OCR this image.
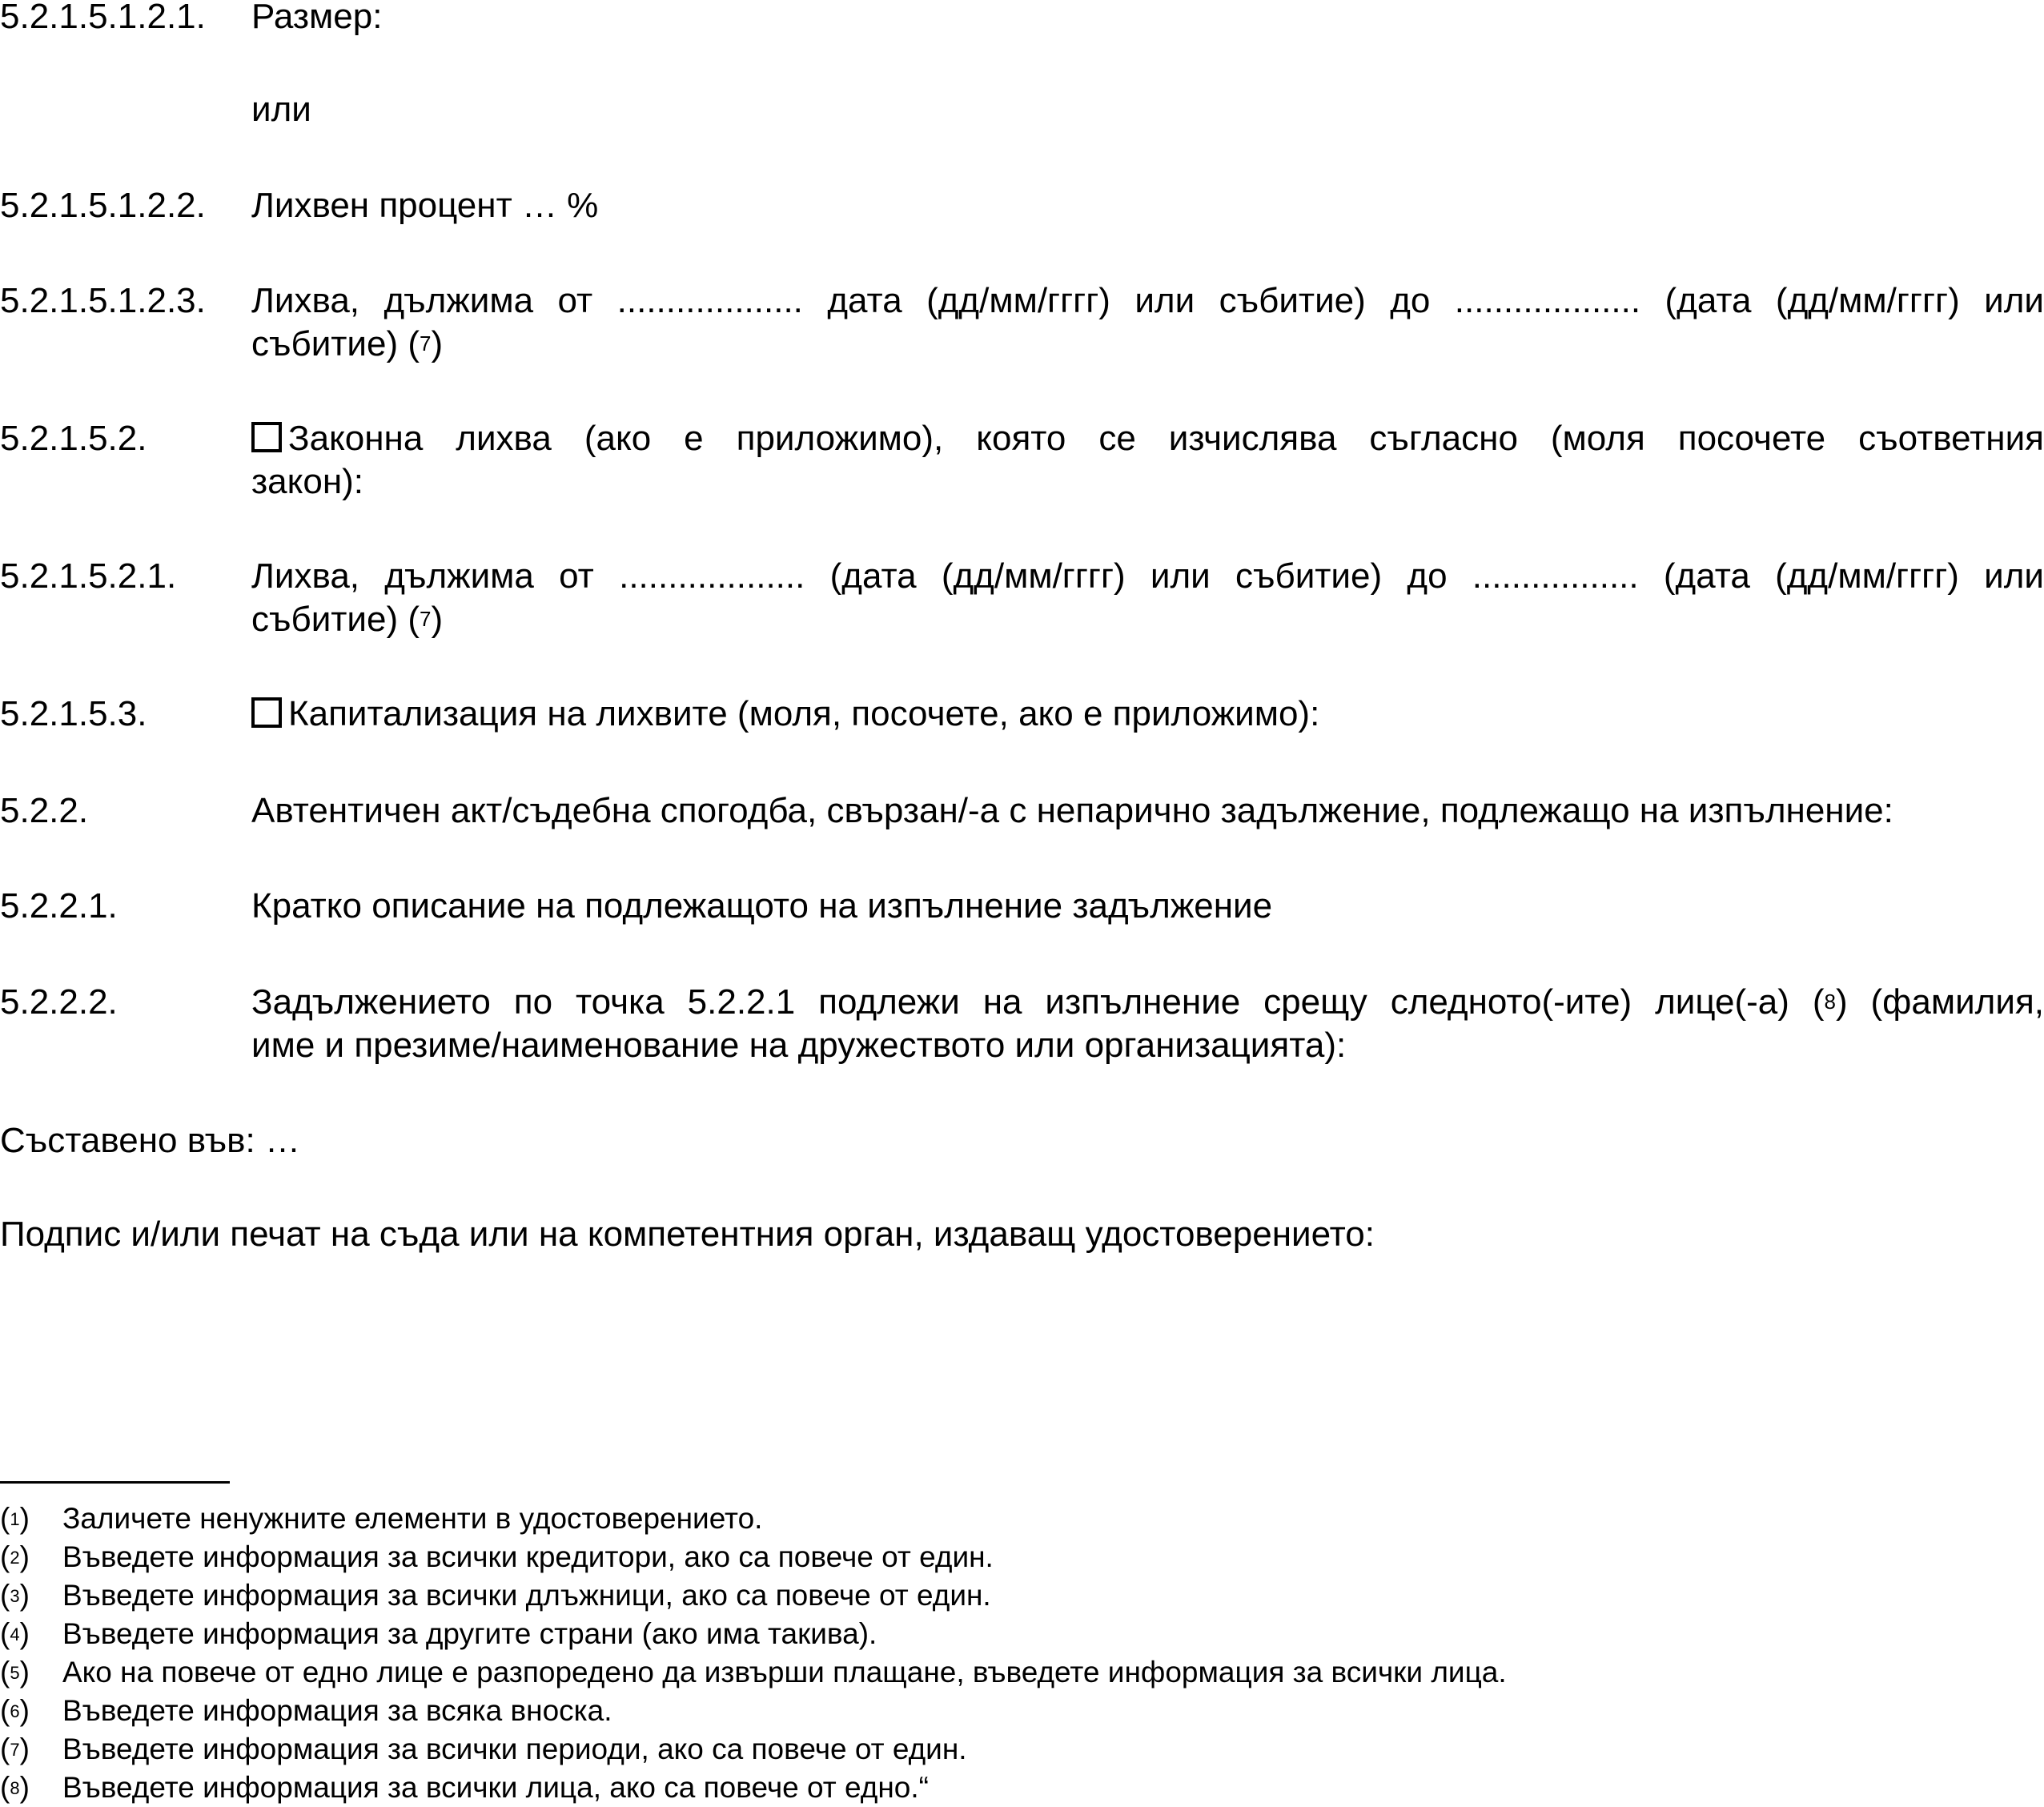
5.2.1.5.1.2.1. Размер:
или
5.2.1.5.1.2.2. Лихвен процент … %
5.2.1.5.1.2.3. Лихва, дължима от ................... дата (дд/мм/гггг) или събитие) до ................... (дата (дд/мм/гггг) или
събитие) ($^7$)
5.2.1.5.2.	Законна лихва (ако е приложимо), която се изчислява съгласно (моля посочете съответния
закон):
5.2.1.5.2.1. Лихва, дължима от ................... (дата (дд/мм/гггг) или събитие) до ................. (дата (дд/мм/гггг) или
събитие) ($^7$)
5.2.1.5.3.	Капитализация на лихвите (моля, посочете, ако е приложимо):
5.2.2.	Автентичен акт/съдебна спогодба, свързан/-а с непарично задължение, подлежащо на изпълнение:
5.2.2.1.	Кратко описание на подлежащото на изпълнение задължение
5.2.2.2.	Задължението по точка 5.2.2.1 подлежи на изпълнение срещу следното(-ите) лице(-а) ($^8$) (фамилия,
име и презиме/наименование на дружеството или организацията):
Съставено във: …
Подпис и/или печат на съда или на компетентния орган, издаващ удостоверението:
($^1$) Заличете ненужните елементи в удостоверението.
($^2$) Въведете информация за всички кредитори, ако са повече от един.
($^3$) Въведете информация за всички длъжници, ако са повече от един.
($^4$) Въведете информация за другите страни (ако има такива).
($^5$) Ако на повече от едно лице е разпоредено да извърши плащане, въведете информация за всички лица.
($^6$) Въведете информация за всяка вноска.
($^7$) Въведете информация за всички периоди, ако са повече от един.
($^8$) Въведете информация за всички лица, ако са повече от едно.“
